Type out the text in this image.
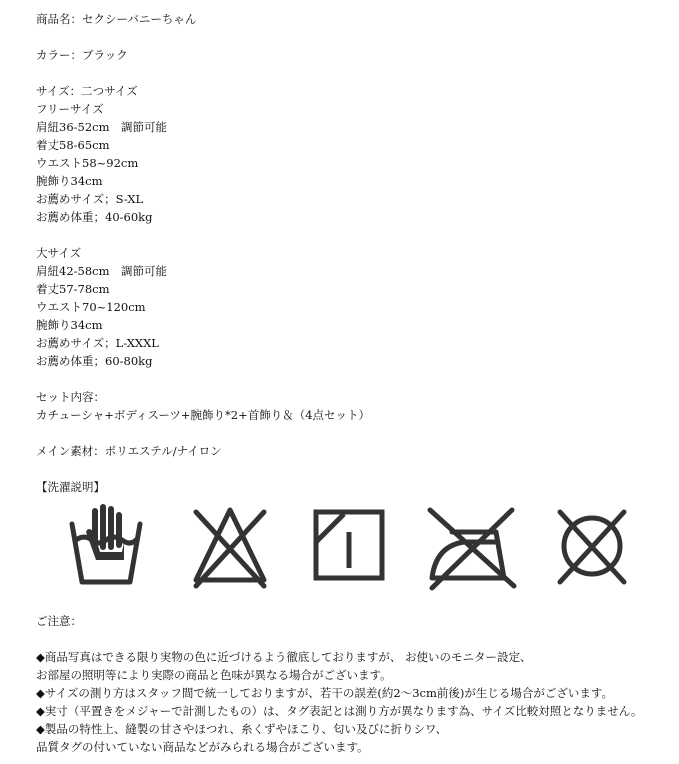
商品名：セクシーバニーちゃん
カラー：ブラック
サイズ：二つサイズ
フリーサイズ
肩紐36-52cm　調節可能
着丈58-65cm
ウエスト58~92cm
腕飾り34cm
お薦めサイズ；S-XL
お薦め体重；40-60kg
大サイズ
肩紐42-58cm　調節可能
着丈57-78cm
ウエスト70~120cm
腕飾り34cm
お薦めサイズ；L-XXXL
お薦め体重；60-80kg
セット内容：
カチューシャ+ボディスーツ+腕飾り*2+首飾り＆（4点セット）
メイン素材：ポリエステル/ナイロン
【洗濯説明】
ご注意：
◆商品写真はできる限り実物の色に近づけるよう徹底しておりますが、 お使いのモニター設定、
お部屋の照明等により実際の商品と色味が異なる場合がございます。
◆サイズの測り方はスタッフ間で統一しておりますが、若干の誤差(約2～3cm前後)が生じる場合がございます。
◆実寸（平置きをメジャーで計測したもの）は、タグ表記とは測り方が異なります為、サイズ比較対照となりません。
◆製品の特性上、縫製の甘さやほつれ、糸くずやほこり、匂い及びに折りシワ、
品質タグの付いていない商品などがみられる場合がございます。
